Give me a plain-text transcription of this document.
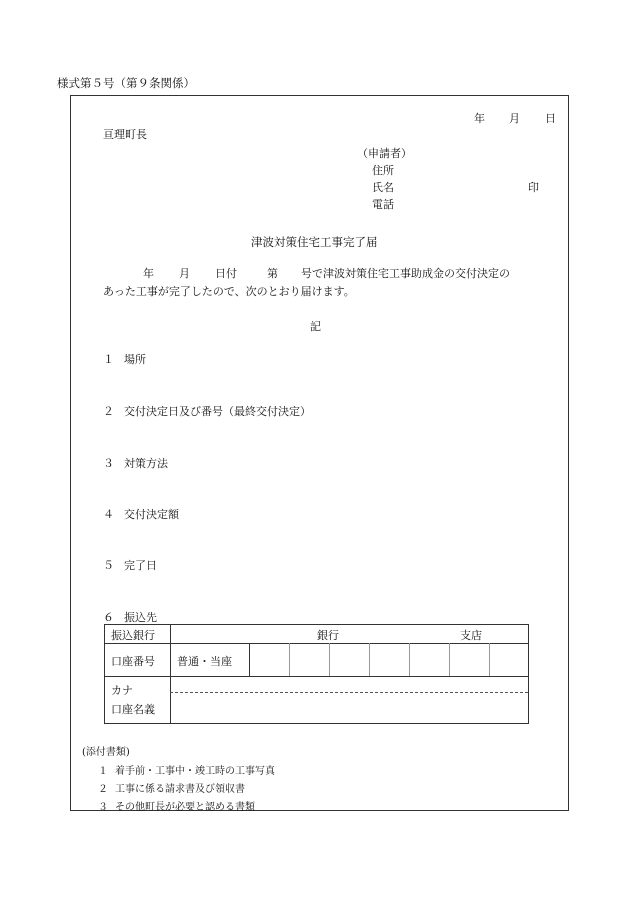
様式第５号（第９条関係）
年 月 日
亘理町長
（申請者）
住所
氏名	印
電話
津波対策住宅工事完了届
年 月 日付	第 号で津波対策住宅工事助成金の交付決定の
あった工事が完了したので、次のとおり届けます。
記
１ 場所
２ 交付決定日及び番号（最終交付決定）
３ 対策方法
４ 交付決定額
５ 完了日
６ 振込先
振込銀行	銀行	支店
口座番号 普通・当座
カナ
口座名義
(添付書類)
１ 着手前・工事中・竣工時の工事写真
２ 工事に係る請求書及び領収書
３ その他町長が必要と認める書類
